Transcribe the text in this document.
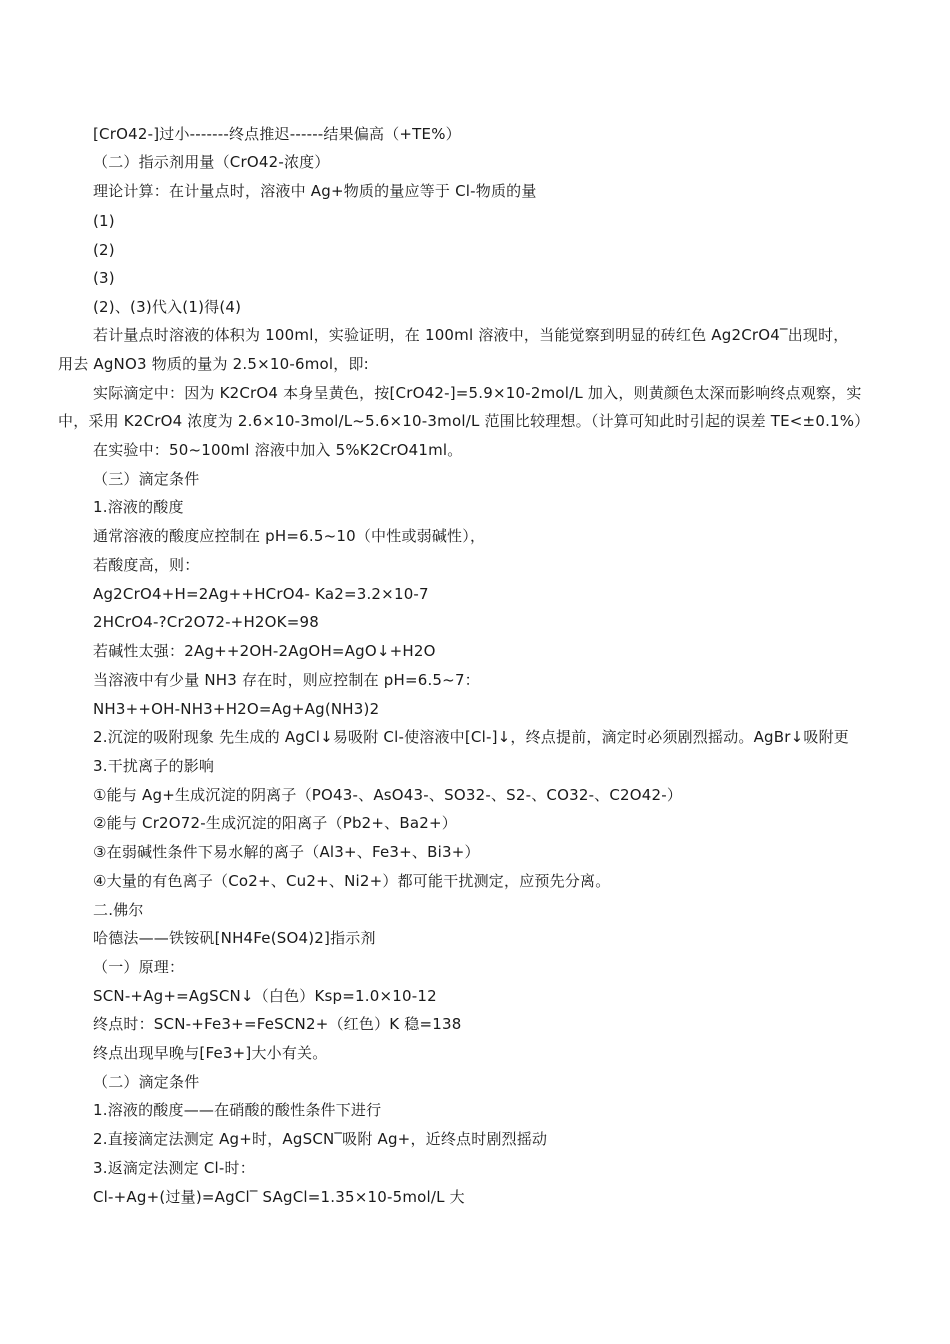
[CrO42-]过小-------终点推迟------结果偏高（+TE%）
（二）指示剂用量（CrO42-浓度）
理论计算：在计量点时，溶液中 Ag+物质的量应等于 Cl-物质的量
(1)
(2)
(3)
(2)、(3)代入(1)得(4)
若计量点时溶液的体积为 100ml，实验证明，在 100ml 溶液中，当能觉察到明显的砖红色 Ag2CrO4‾出现时，
用去 AgNO3 物质的量为 2.5×10-6mol，即:
实际滴定中：因为 K2CrO4 本身呈黄色，按[CrO42-]=5.9×10-2mol/L 加入，则黄颜色太深而影响终点观察，实
中，采用 K2CrO4 浓度为 2.6×10-3mol/L~5.6×10-3mol/L 范围比较理想。（计算可知此时引起的误差 TE<±0.1%）
在实验中：50~100ml 溶液中加入 5%K2CrO41ml。
（三）滴定条件
1.溶液的酸度
通常溶液的酸度应控制在 pH=6.5~10（中性或弱碱性），
若酸度高，则：
Ag2CrO4+H=2Ag++HCrO4- Ka2=3.2×10-7
2HCrO4-?Cr2O72-+H2OK=98
若碱性太强：2Ag++2OH-2AgOH=AgO↓+H2O
当溶液中有少量 NH3 存在时，则应控制在 pH=6.5~7：
NH3++OH-NH3+H2O=Ag+Ag(NH3)2
2.沉淀的吸附现象 先生成的 AgCl↓易吸附 Cl-使溶液中[Cl-]↓，终点提前，滴定时必须剧烈摇动。AgBr↓吸附更
3.干扰离子的影响
①能与 Ag+生成沉淀的阴离子（PO43-、AsO43-、SO32-、S2-、CO32-、C2O42-）
②能与 Cr2O72-生成沉淀的阳离子（Pb2+、Ba2+）
③在弱碱性条件下易水解的离子（Al3+、Fe3+、Bi3+）
④大量的有色离子（Co2+、Cu2+、Ni2+）都可能干扰测定，应预先分离。
二.佛尔
哈德法——铁铵矾[NH4Fe(SO4)2]指示剂
（一）原理：
SCN-+Ag+=AgSCN↓（白色）Ksp=1.0×10-12
终点时：SCN-+Fe3+=FeSCN2+（红色）K 稳=138
终点出现早晚与[Fe3+]大小有关。
（二）滴定条件
1.溶液的酸度——在硝酸的酸性条件下进行
2.直接滴定法测定 Ag+时，AgSCN‾吸附 Ag+，近终点时剧烈摇动
3.返滴定法测定 Cl-时：
Cl-+Ag+(过量)=AgCl‾ SAgCl=1.35×10-5mol/L 大
